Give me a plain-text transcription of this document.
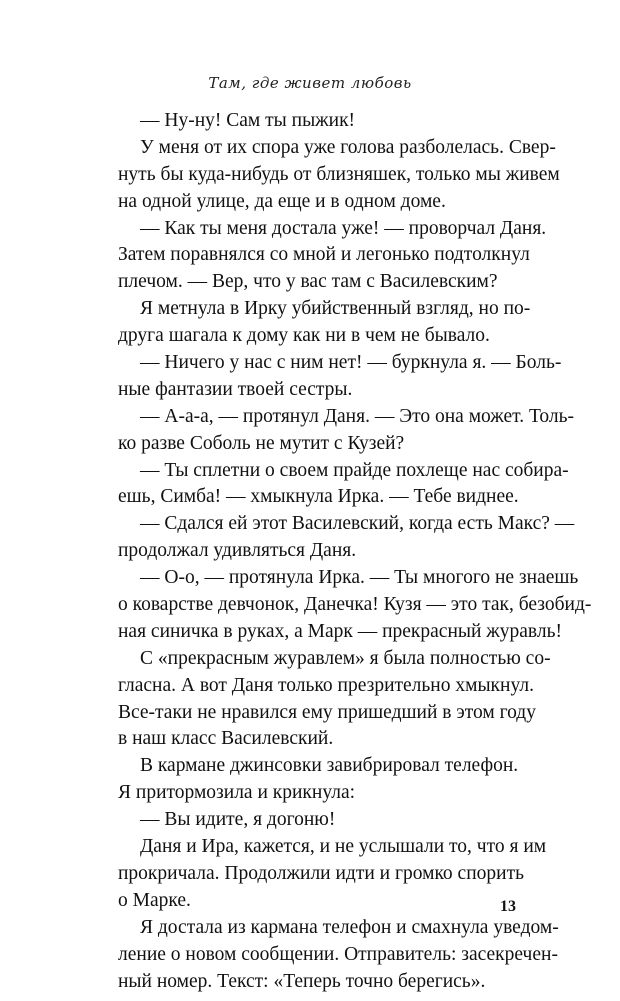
Там, где живет любовь
— Ну-ну! Сам ты пыжик!
У меня от их спора уже голова разболелась. Свер-
нуть бы куда-нибудь от близняшек, только мы живем
на одной улице, да еще и в одном доме.
— Как ты меня достала уже! — проворчал Даня.
Затем поравнялся со мной и легонько подтолкнул
плечом. — Вер, что у вас там с Василевским?
Я метнула в Ирку убийственный взгляд, но по-
друга шагала к дому как ни в чем не бывало.
— Ничего у нас с ним нет! — буркнула я. — Боль-
ные фантазии твоей сестры.
— А-а-а, — протянул Даня. — Это она может. Толь-
ко разве Соболь не мутит с Кузей?
— Ты сплетни о своем прайде похлеще нас собира-
ешь, Симба! — хмыкнула Ирка. — Тебе виднее.
— Сдался ей этот Василевский, когда есть Макс? —
продолжал удивляться Даня.
— О-о, — протянула Ирка. — Ты многого не знаешь
о коварстве девчонок, Данечка! Кузя — это так, безобид-
ная синичка в руках, а Марк — прекрасный журавль!
С «прекрасным журавлем» я была полностью со-
гласна. А вот Даня только презрительно хмыкнул.
Все-таки не нравился ему пришедший в этом году
в наш класс Василевский.
В кармане джинсовки завибрировал телефон.
Я притормозила и крикнула:
— Вы идите, я догоню!
Даня и Ира, кажется, и не услышали то, что я им
прокричала. Продолжили идти и громко спорить
о Марке.
Я достала из кармана телефон и смахнула уведом-
ление о новом сообщении. Отправитель: засекречен-
ный номер. Текст: «Теперь точно берегись».
13
